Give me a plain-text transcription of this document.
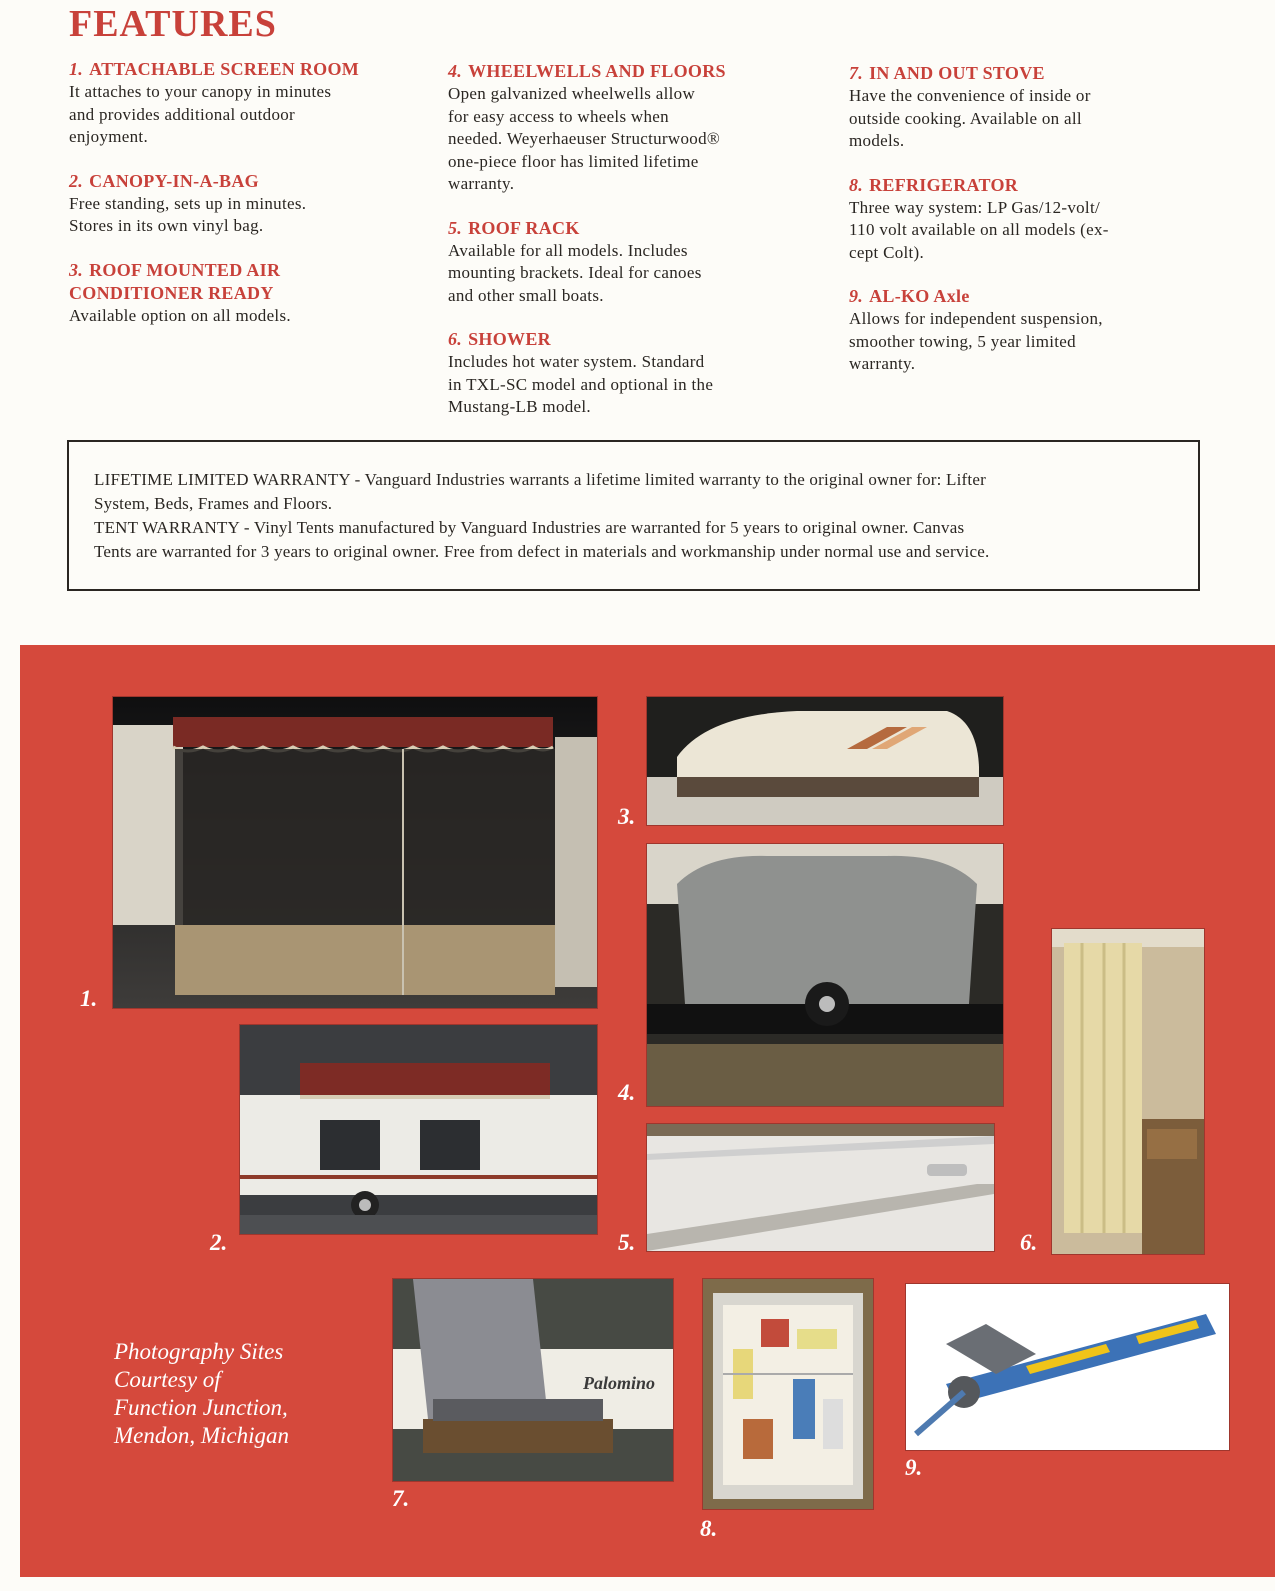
FEATURES
1. ATTACHABLE SCREEN ROOM

It attaches to your canopy in minutes
and provides additional outdoor
enjoyment.

2. CANOPY-IN-A-BAG

Free standing, sets up in minutes.
Stores in its own vinyl bag.

3. ROOF MOUNTED AIR
CONDITIONER READY

Available option on all models.

4. WHEELWELLS AND FLOORS

Open galvanized wheelwells allow
for easy access to wheels when
needed. Weyerhaeuser Structurwood®
one-piece floor has limited lifetime
warranty.

5. ROOF RACK

Available for all models. Includes
mounting brackets. Ideal for canoes
and other small boats.

6. SHOWER

Includes hot water system. Standard
in TXL-SC model and optional in the
Mustang-LB model.

7. IN AND OUT STOVE

Have the convenience of inside or
outside cooking. Available on all
models.

8. REFRIGERATOR

Three way system: LP Gas/12-volt/
110 volt available on all models (ex-
cept Colt).

9. AL-KO Axle

Allows for independent suspension,
smoother towing, 5 year limited
warranty.

LIFETIME LIMITED WARRANTY - Vanguard Industries warrants a lifetime limited warranty to the original owner for: Lifter
System, Beds, Frames and Floors.

TENT WARRANTY - Vinyl Tents manufactured by Vanguard Industries are warranted for 5 years to original owner. Canvas
Tents are warranted for 3 years to original owner. Free from defect in materials and workmanship under normal use and service.

1.
2.
3.
4.
5.	6.
Palomino
7.
8.
9.

Photography Sites
Courtesy of
Function Junction,
Mendon, Michigan
